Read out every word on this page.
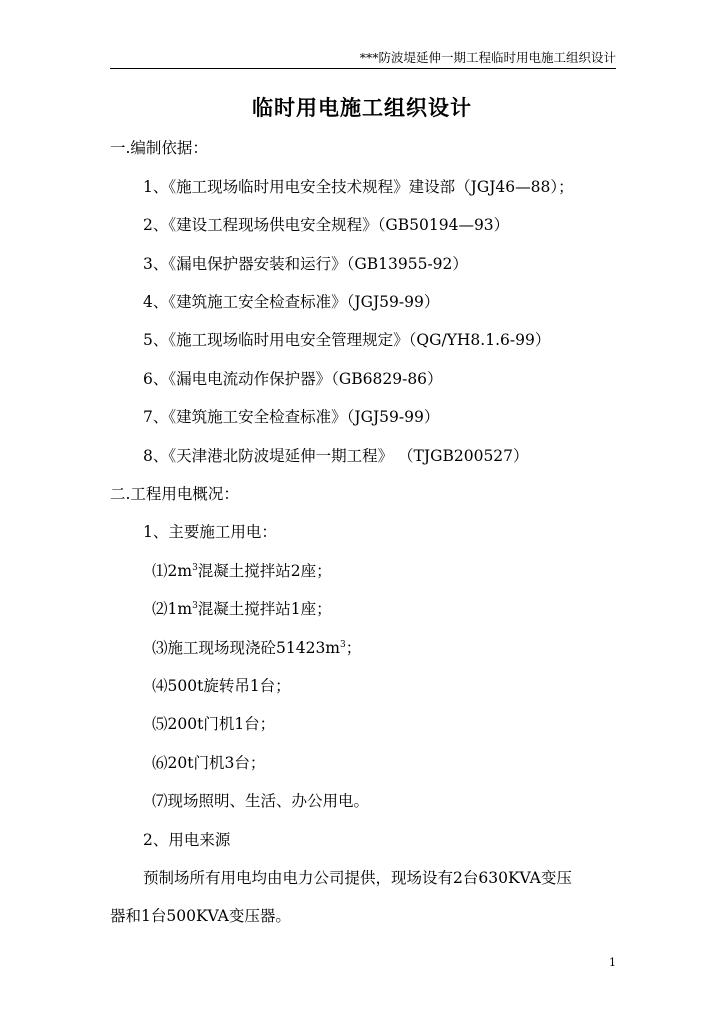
***防波堤延伸一期工程临时用电施工组织设计
临时用电施工组织设计
一.编制依据：
1、《施工现场临时用电安全技术规程》建设部（JGJ46—88）；
2、《建设工程现场供电安全规程》（GB50194—93）
3、《漏电保护器安装和运行》（GB13955-92）
4、《建筑施工安全检查标准》（JGJ59-99）
5、《施工现场临时用电安全管理规定》（QG/YH8.1.6-99）
6、《漏电电流动作保护器》（GB6829-86）
7、《建筑施工安全检查标准》（JGJ59-99）
8、《天津港北防波堤延伸一期工程》 （TJGB200527）
二.工程用电概况：
1、主要施工用电：
$⑴2m^3$混凝土搅拌站2座；
$⑵1m^3$混凝土搅拌站1座；
⑶施工现场现浇砼$51423m^3$；
⑷500t旋转吊1台；
⑸200t门机1台；
⑹20t门机3台；
⑺现场照明、生活、办公用电。
2、用电来源
预制场所有用电均由电力公司提供，现场设有2台630KVA变压
器和1台500KVA变压器。
1
